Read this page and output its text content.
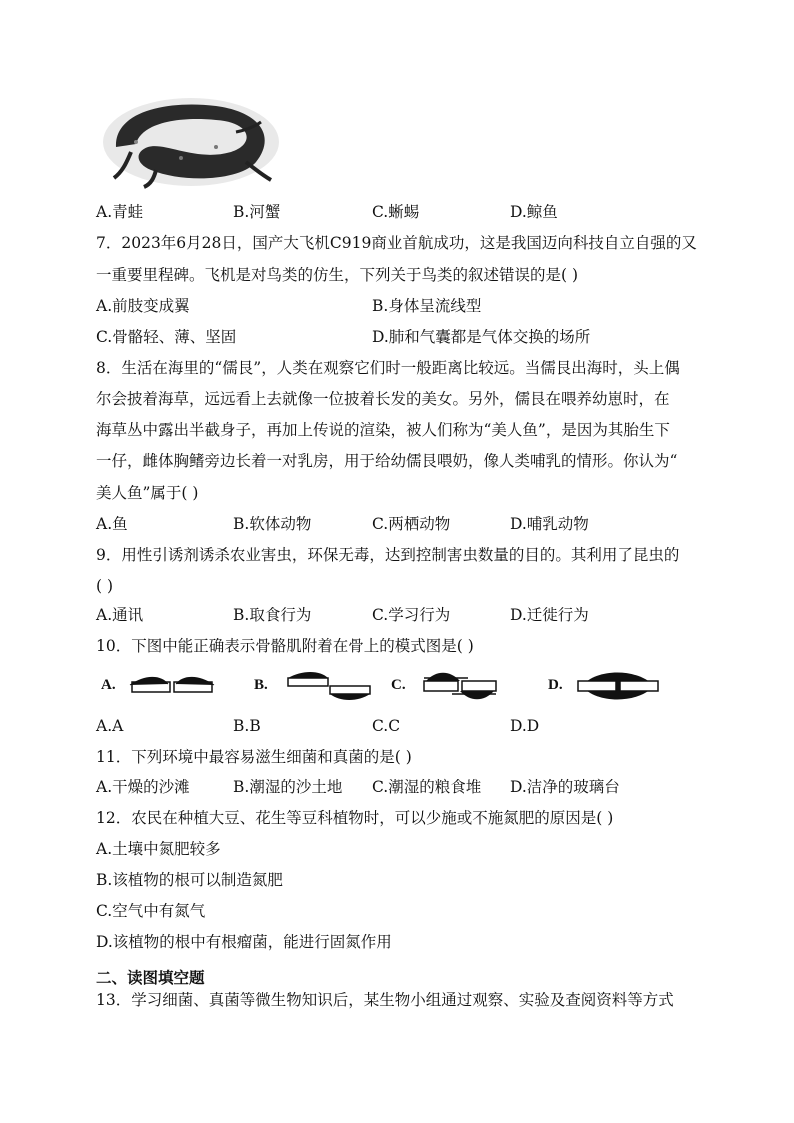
A.青蛙	B.河蟹	C.蜥蜴	D.鲸鱼
7．2023年6月28日，国产大飞机C919商业首航成功，这是我国迈向科技自立自强的又
一重要里程碑。飞机是对鸟类的仿生，下列关于鸟类的叙述错误的是( )
A.前肢变成翼	B.身体呈流线型
C.骨骼轻、薄、坚固	D.肺和气囊都是气体交换的场所
8．生活在海里的“儒艮”，人类在观察它们时一般距离比较远。当儒艮出海时，头上偶
尔会披着海草，远远看上去就像一位披着长发的美女。另外，儒艮在喂养幼崽时，在
海草丛中露出半截身子，再加上传说的渲染，被人们称为“美人鱼”，是因为其胎生下
一仔，雌体胸鳍旁边长着一对乳房，用于给幼儒艮喂奶，像人类哺乳的情形。你认为“
美人鱼”属于( )
A.鱼	B.软体动物	C.两栖动物	D.哺乳动物
9．用性引诱剂诱杀农业害虫，环保无毒，达到控制害虫数量的目的。其利用了昆虫的
( )
A.通讯	B.取食行为	C.学习行为	D.迁徙行为
10．下图中能正确表示骨骼肌附着在骨上的模式图是( )
A.	B.	C.	D.
A.A	B.B	C.C	D.D
11．下列环境中最容易滋生细菌和真菌的是( )
A.干燥的沙滩	B.潮湿的沙土地 C.潮湿的粮食堆 D.洁净的玻璃台
12．农民在种植大豆、花生等豆科植物时，可以少施或不施氮肥的原因是( )
A.土壤中氮肥较多
B.该植物的根可以制造氮肥
C.空气中有氮气
D.该植物的根中有根瘤菌，能进行固氮作用
二、读图填空题
13．学习细菌、真菌等微生物知识后，某生物小组通过观察、实验及查阅资料等方式
